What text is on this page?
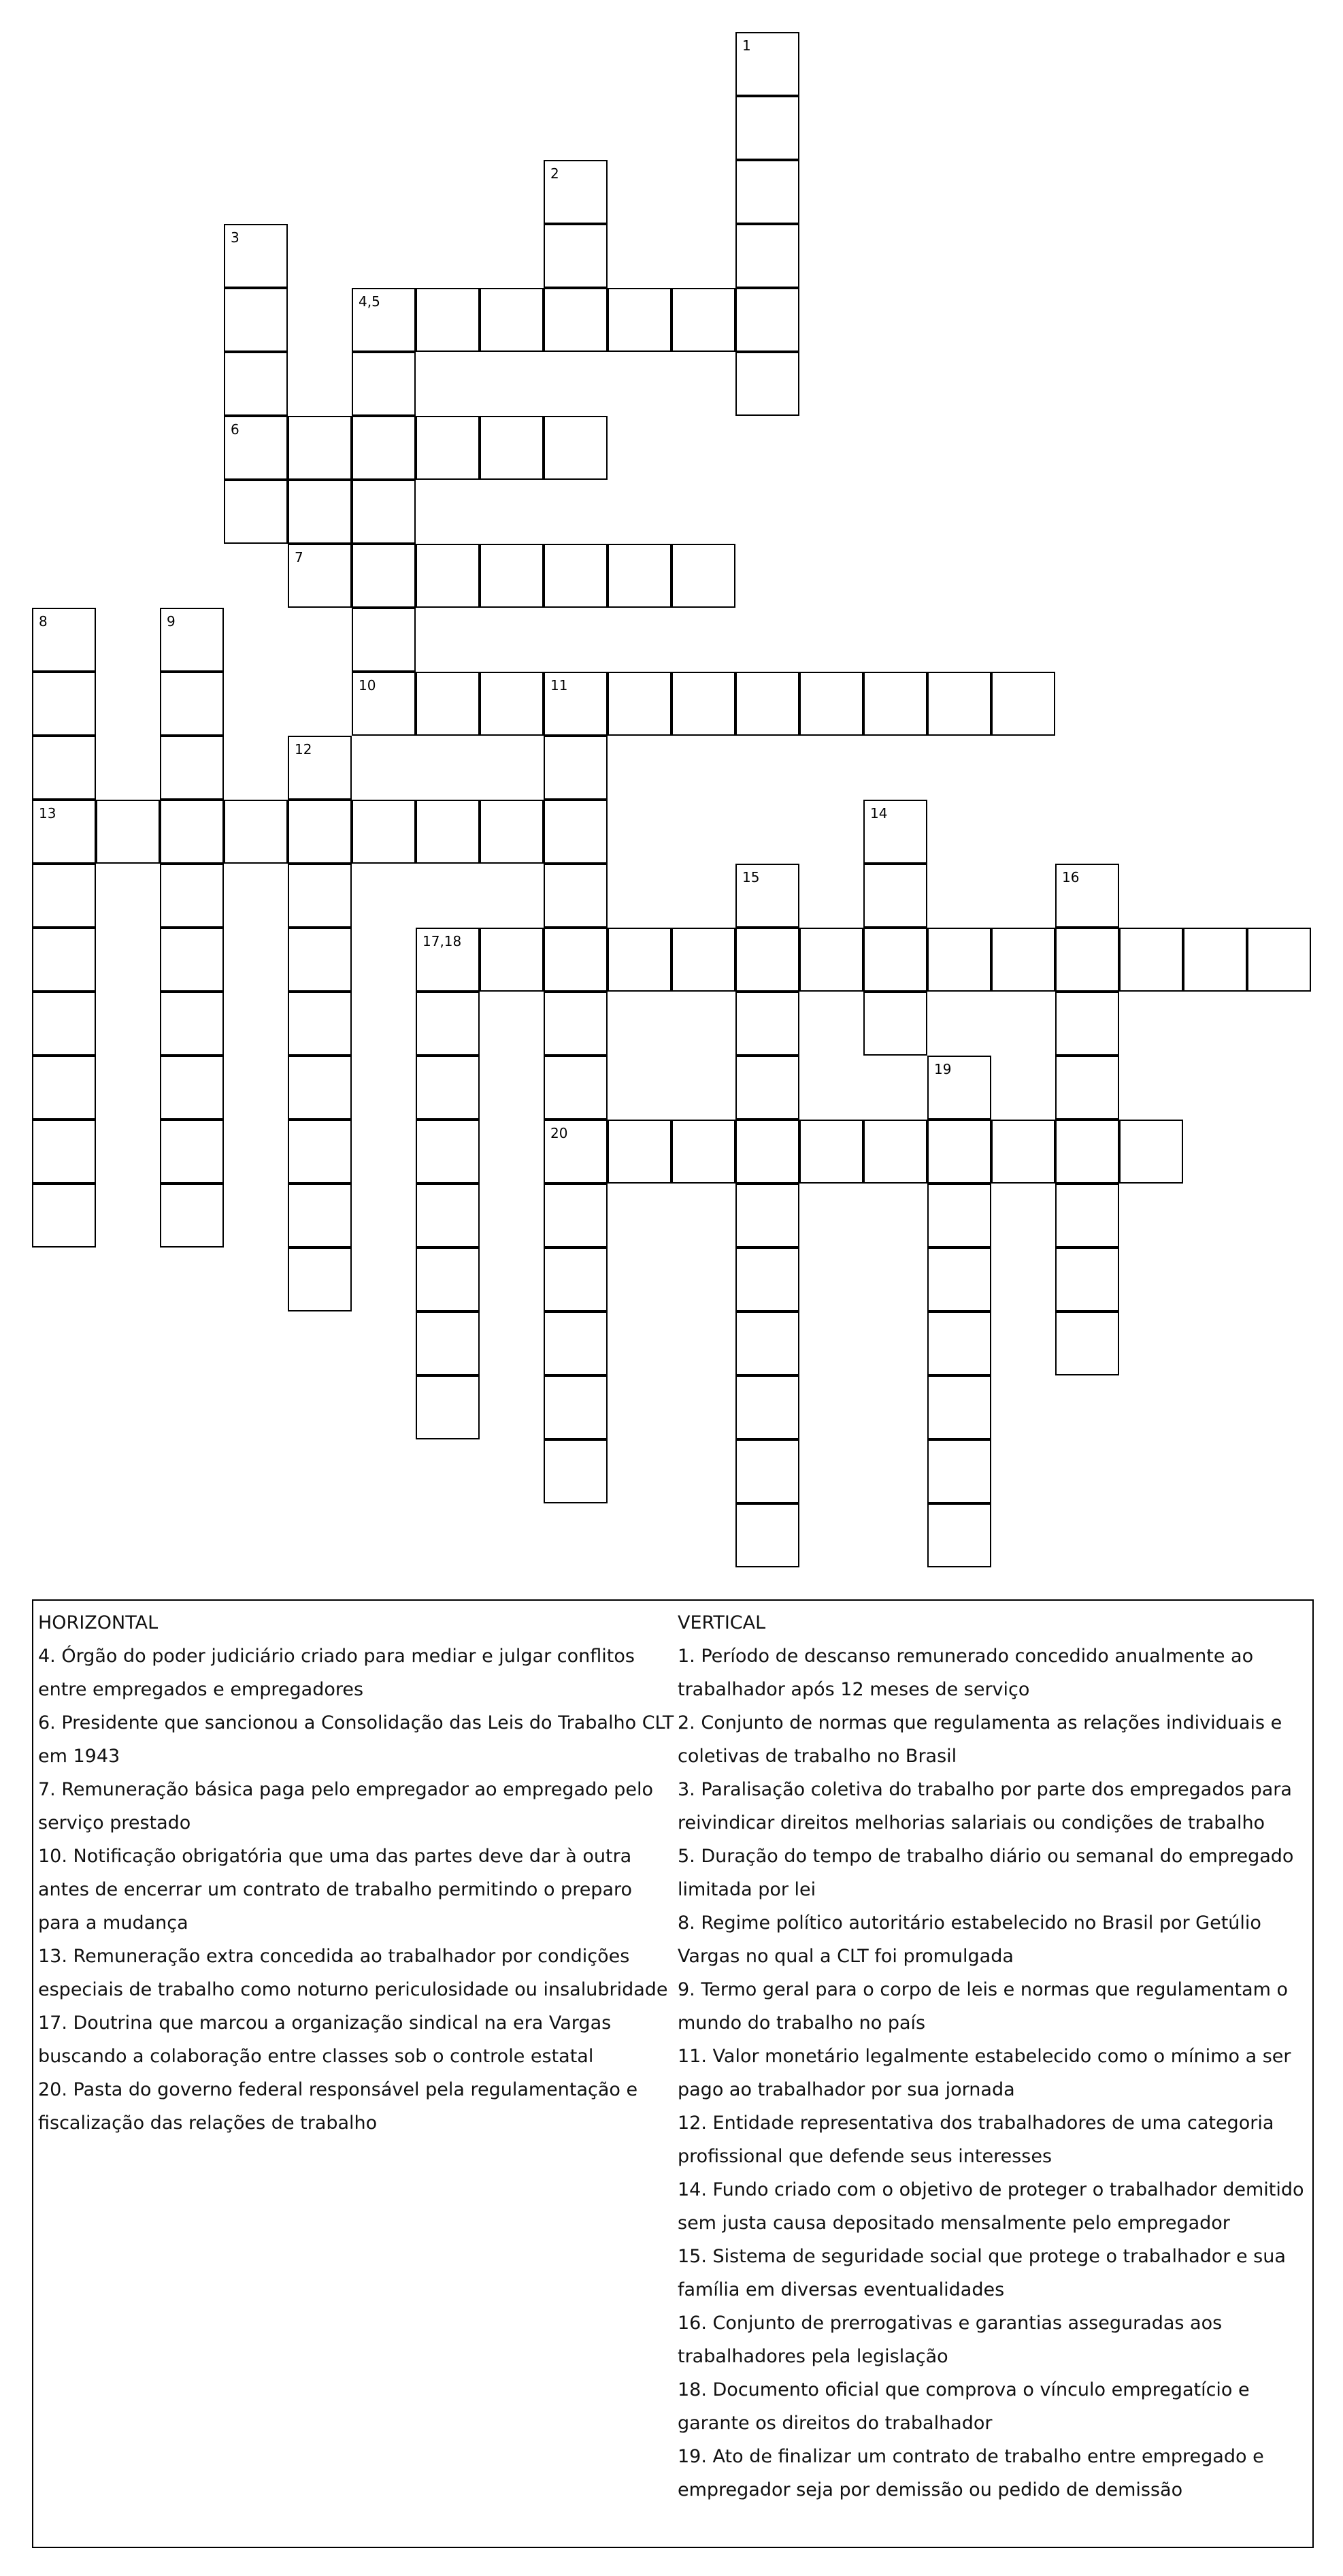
1
2
3
4,5
6
7
8	9
10	11
12
13	14
15	16
17,18
19
20
HORIZONTAL

4. Órgão do poder judiciário criado para mediar e julgar conflitos entre empregados e empregadores

6. Presidente que sancionou a Consolidação das Leis do Trabalho CLT em 1943

7. Remuneração básica paga pelo empregador ao empregado pelo serviço prestado

10. Notificação obrigatória que uma das partes deve dar à outra antes de encerrar um contrato de trabalho permitindo o preparo para a mudança

13. Remuneração extra concedida ao trabalhador por condições especiais de trabalho como noturno periculosidade ou insalubridade

17. Doutrina que marcou a organização sindical na era Vargas buscando a colaboração entre classes sob o controle estatal

20. Pasta do governo federal responsável pela regulamentação e fiscalização das relações de trabalho

VERTICAL

1. Período de descanso remunerado concedido anualmente ao trabalhador após 12 meses de serviço

2. Conjunto de normas que regulamenta as relações individuais e coletivas de trabalho no Brasil

3. Paralisação coletiva do trabalho por parte dos empregados para reivindicar direitos melhorias salariais ou condições de trabalho

5. Duração do tempo de trabalho diário ou semanal do empregado limitada por lei

8. Regime político autoritário estabelecido no Brasil por Getúlio Vargas no qual a CLT foi promulgada

9. Termo geral para o corpo de leis e normas que regulamentam o mundo do trabalho no país

11. Valor monetário legalmente estabelecido como o mínimo a ser pago ao trabalhador por sua jornada

12. Entidade representativa dos trabalhadores de uma categoria profissional que defende seus interesses

14. Fundo criado com o objetivo de proteger o trabalhador demitido sem justa causa depositado mensalmente pelo empregador

15. Sistema de seguridade social que protege o trabalhador e sua família em diversas eventualidades

16. Conjunto de prerrogativas e garantias asseguradas aos trabalhadores pela legislação

18. Documento oficial que comprova o vínculo empregatício e garante os direitos do trabalhador

19. Ato de finalizar um contrato de trabalho entre empregado e empregador seja por demissão ou pedido de demissão
